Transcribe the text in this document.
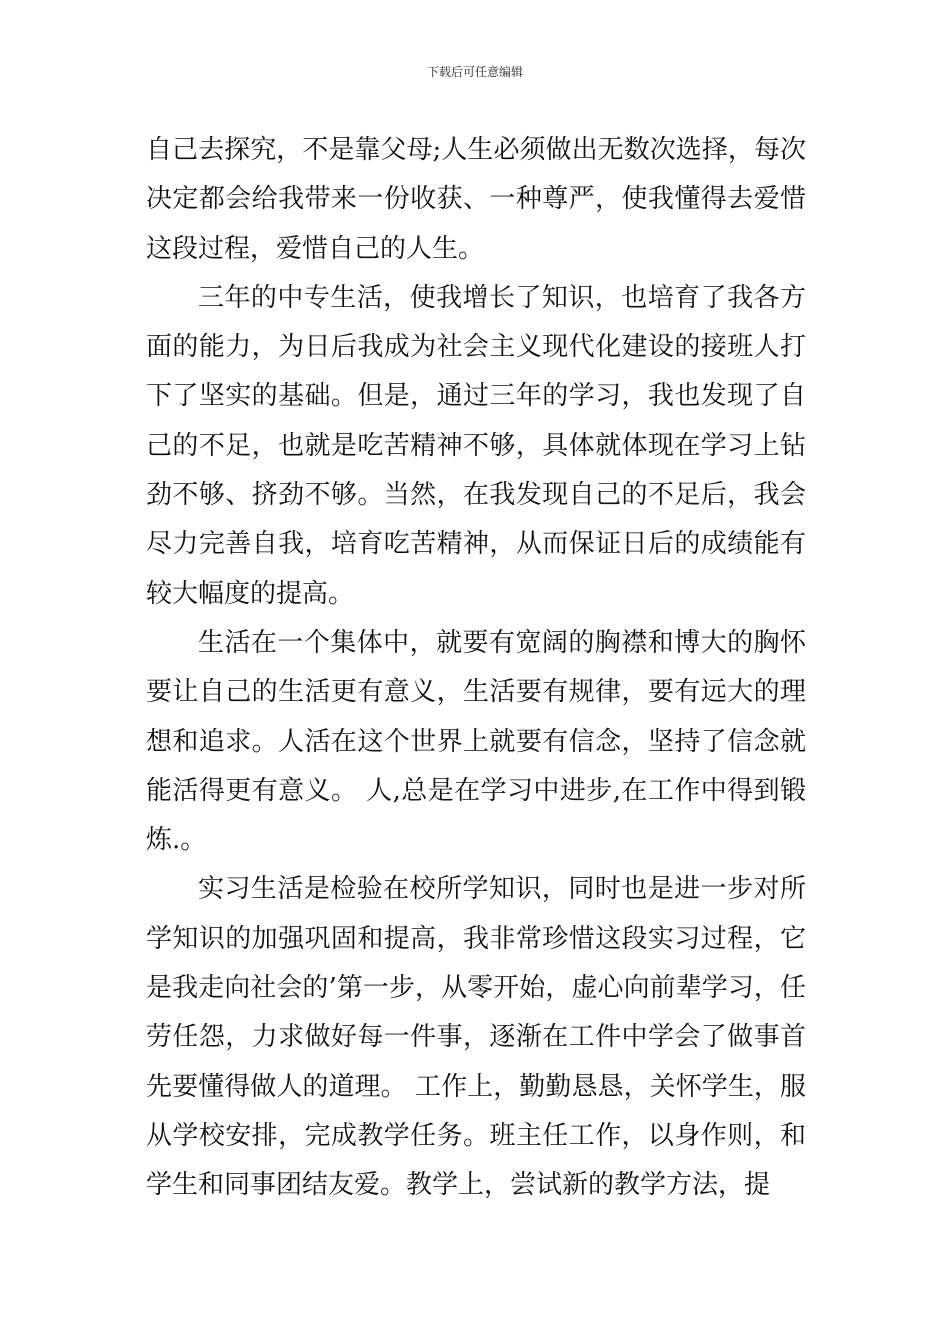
下载后可任意编辑

自己去探究，不是靠父母;人生必须做出无数次选择，每次决定都会给我带来一份收获、一种尊严，使我懂得去爱惜这段过程，爱惜自己的人生。

三年的中专生活，使我增长了知识，也培育了我各方面的能力，为日后我成为社会主义现代化建设的接班人打下了坚实的基础。但是，通过三年的学习，我也发现了自己的不足，也就是吃苦精神不够，具体就体现在学习上钻劲不够、挤劲不够。当然，在我发现自己的不足后，我会尽力完善自我，培育吃苦精神，从而保证日后的成绩能有较大幅度的提高。

生活在一个集体中，就要有宽阔的胸襟和博大的胸怀要让自己的生活更有意义，生活要有规律，要有远大的理想和追求。人活在这个世界上就要有信念，坚持了信念就能活得更有意义。 人,总是在学习中进步,在工作中得到锻炼.。

实习生活是检验在校所学知识，同时也是进一步对所学知识的加强巩固和提高，我非常珍惜这段实习过程，它是我走向社会的’第一步，从零开始，虚心向前辈学习，任劳任怨，力求做好每一件事，逐渐在工件中学会了做事首先要懂得做人的道理。 工作上，勤勤恳恳，关怀学生，服从学校安排，完成教学任务。班主任工作，以身作则，和学生和同事团结友爱。教学上，尝试新的教学方法，提
